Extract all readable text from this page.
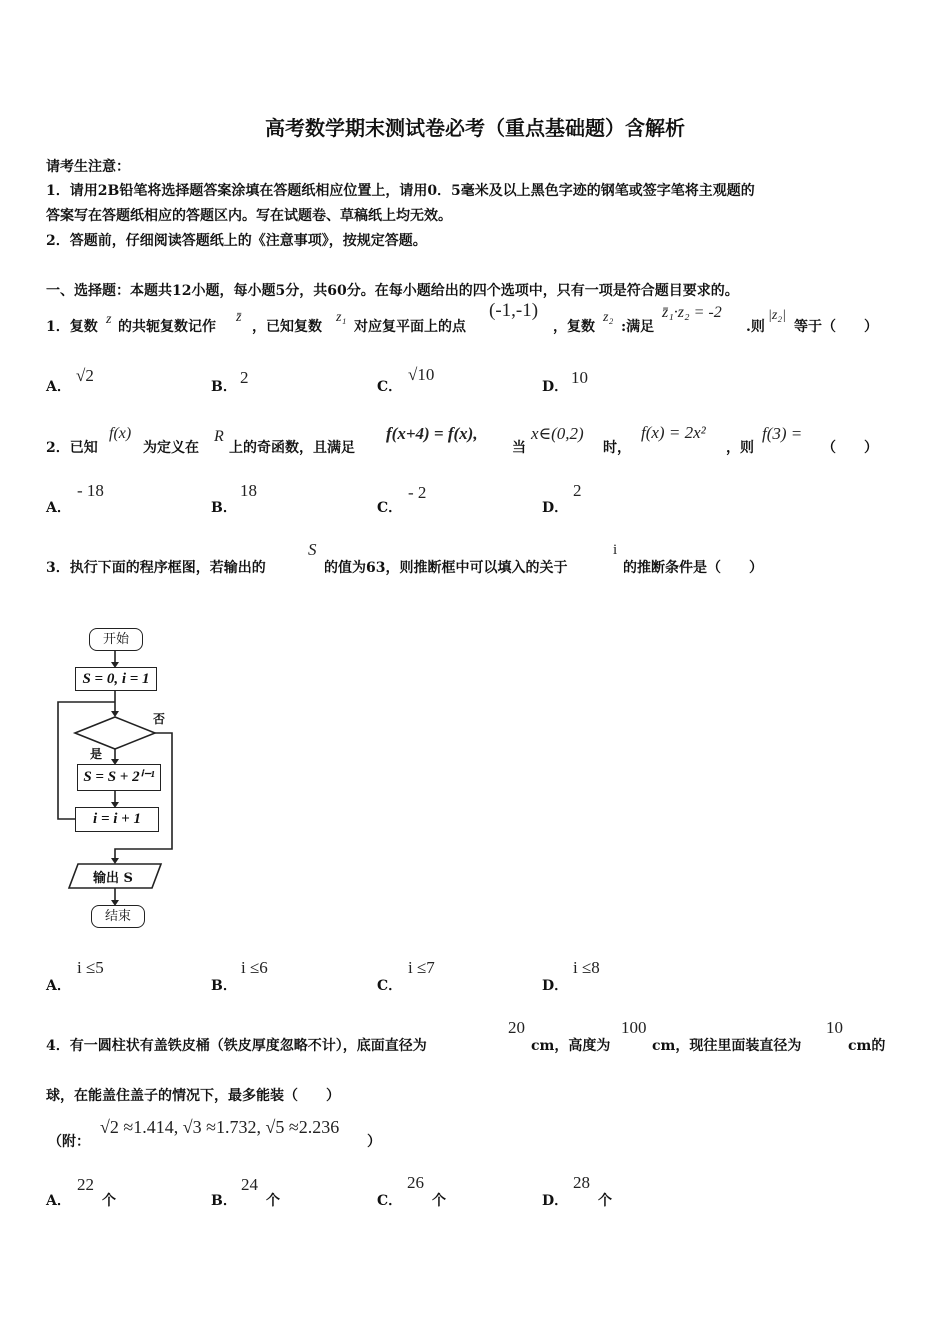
高考数学期末测试卷必考（重点基础题）含解析
请考生注意：
1．请用2B铅笔将选择题答案涂填在答题纸相应位置上，请用0．5毫米及以上黑色字迹的钢笔或签字笔将主观题的
答案写在答题纸相应的答题区内。写在试题卷、草稿纸上均无效。
2．答题前，仔细阅读答题纸上的《注意事项》，按规定答题。
一、选择题：本题共12小题，每小题5分，共60分。在每小题给出的四个选项中，只有一项是符合题目要求的。
1．复数 z 的共轭复数记作
z̄
，已知复数
z₁
对应复平面上的点
(-1,-1)
，复数
z₂
:满足
z̄₁·z₂ = -2
.则
|z₂|
等于（　　）
A．
√2
B． 2	C．
√10
D． 10
2．已知
f(x)
为定义在
R
上的奇函数，且满足
f(x+4) = f(x),
当
x∈(0,2)
时，
f(x) = 2x²
，则
f(3) =
（　　）
A．
- 18
B．
18
C．
- 2
D．
2
3．执行下面的程序框图，若输出的
S
的值为63，则推断框中可以填入的关于
i
的推断条件是（　　）
开始
S = 0, i = 1
否
是
S = S + 2ⁱ⁻¹
i = i + 1
输出 S
结束
A．
i ≤5
B．
i ≤6
C．
i ≤7
D．
i ≤8
4．有一圆柱状有盖铁皮桶（铁皮厚度忽略不计），底面直径为
20
cm，高度为
100
cm，现往里面装直径为
10
cm的
球，在能盖住盖子的情况下，最多能装（　　）
（附：
√2 ≈1.414, √3 ≈1.732, √5 ≈2.236
）
A．
22
个	B．
24
个	C．
26
个	D．
28
个
